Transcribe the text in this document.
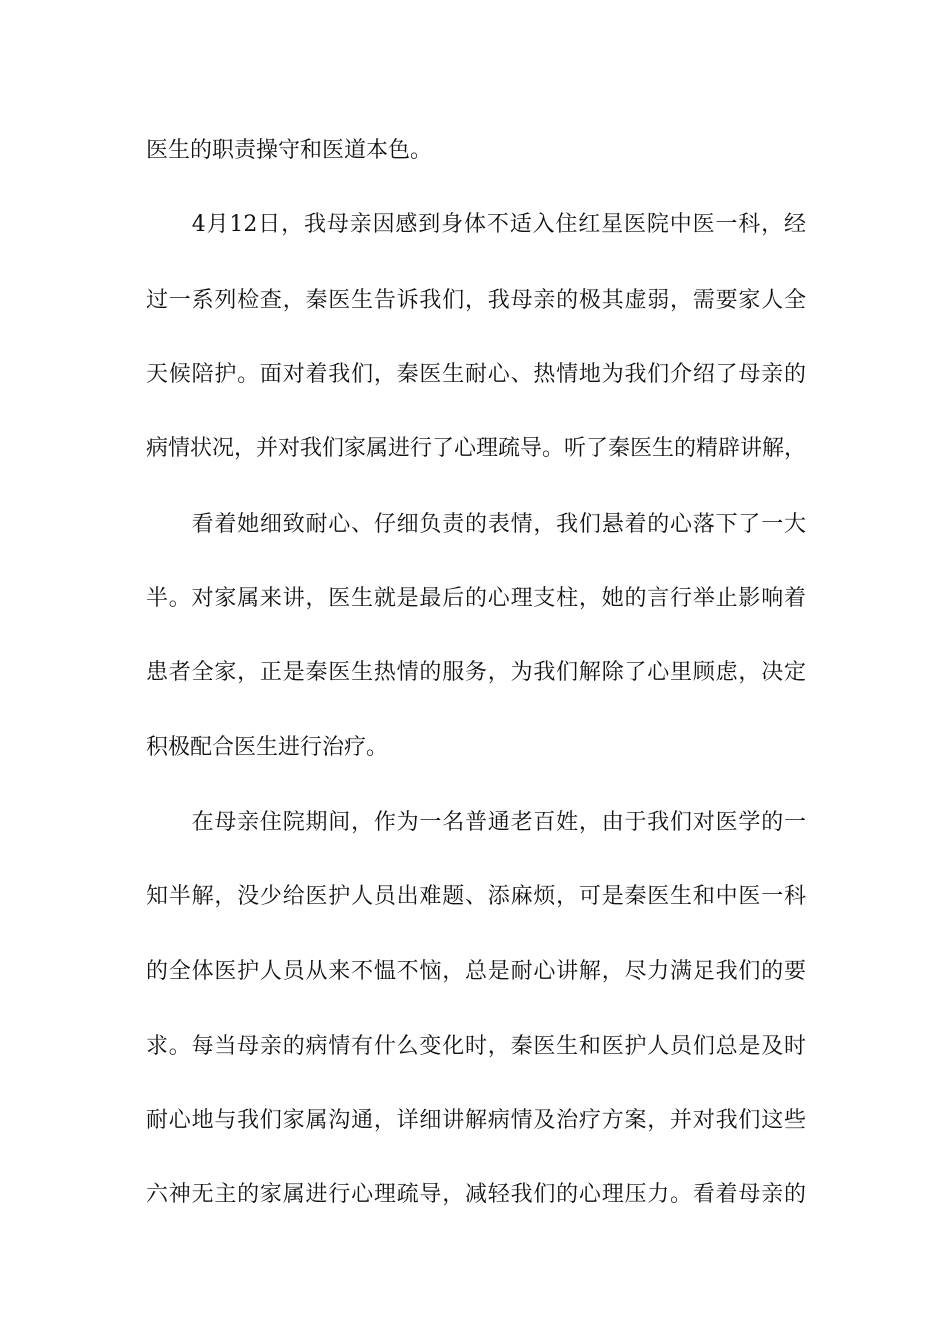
医生的职责操守和医道本色。
　　4月12日，我母亲因感到身体不适入住红星医院中医一科，经
过一系列检查，秦医生告诉我们，我母亲的极其虚弱，需要家人全
天候陪护。面对着我们，秦医生耐心、热情地为我们介绍了母亲的
病情状况，并对我们家属进行了心理疏导。听了秦医生的精辟讲解，
　　看着她细致耐心、仔细负责的表情，我们悬着的心落下了一大
半。对家属来讲，医生就是最后的心理支柱，她的言行举止影响着
患者全家，正是秦医生热情的服务，为我们解除了心里顾虑，决定
积极配合医生进行治疗。
　　在母亲住院期间，作为一名普通老百姓，由于我们对医学的一
知半解，没少给医护人员出难题、添麻烦，可是秦医生和中医一科
的全体医护人员从来不愠不恼，总是耐心讲解，尽力满足我们的要
求。每当母亲的病情有什么变化时，秦医生和医护人员们总是及时
耐心地与我们家属沟通，详细讲解病情及治疗方案，并对我们这些
六神无主的家属进行心理疏导，减轻我们的心理压力。看着母亲的
